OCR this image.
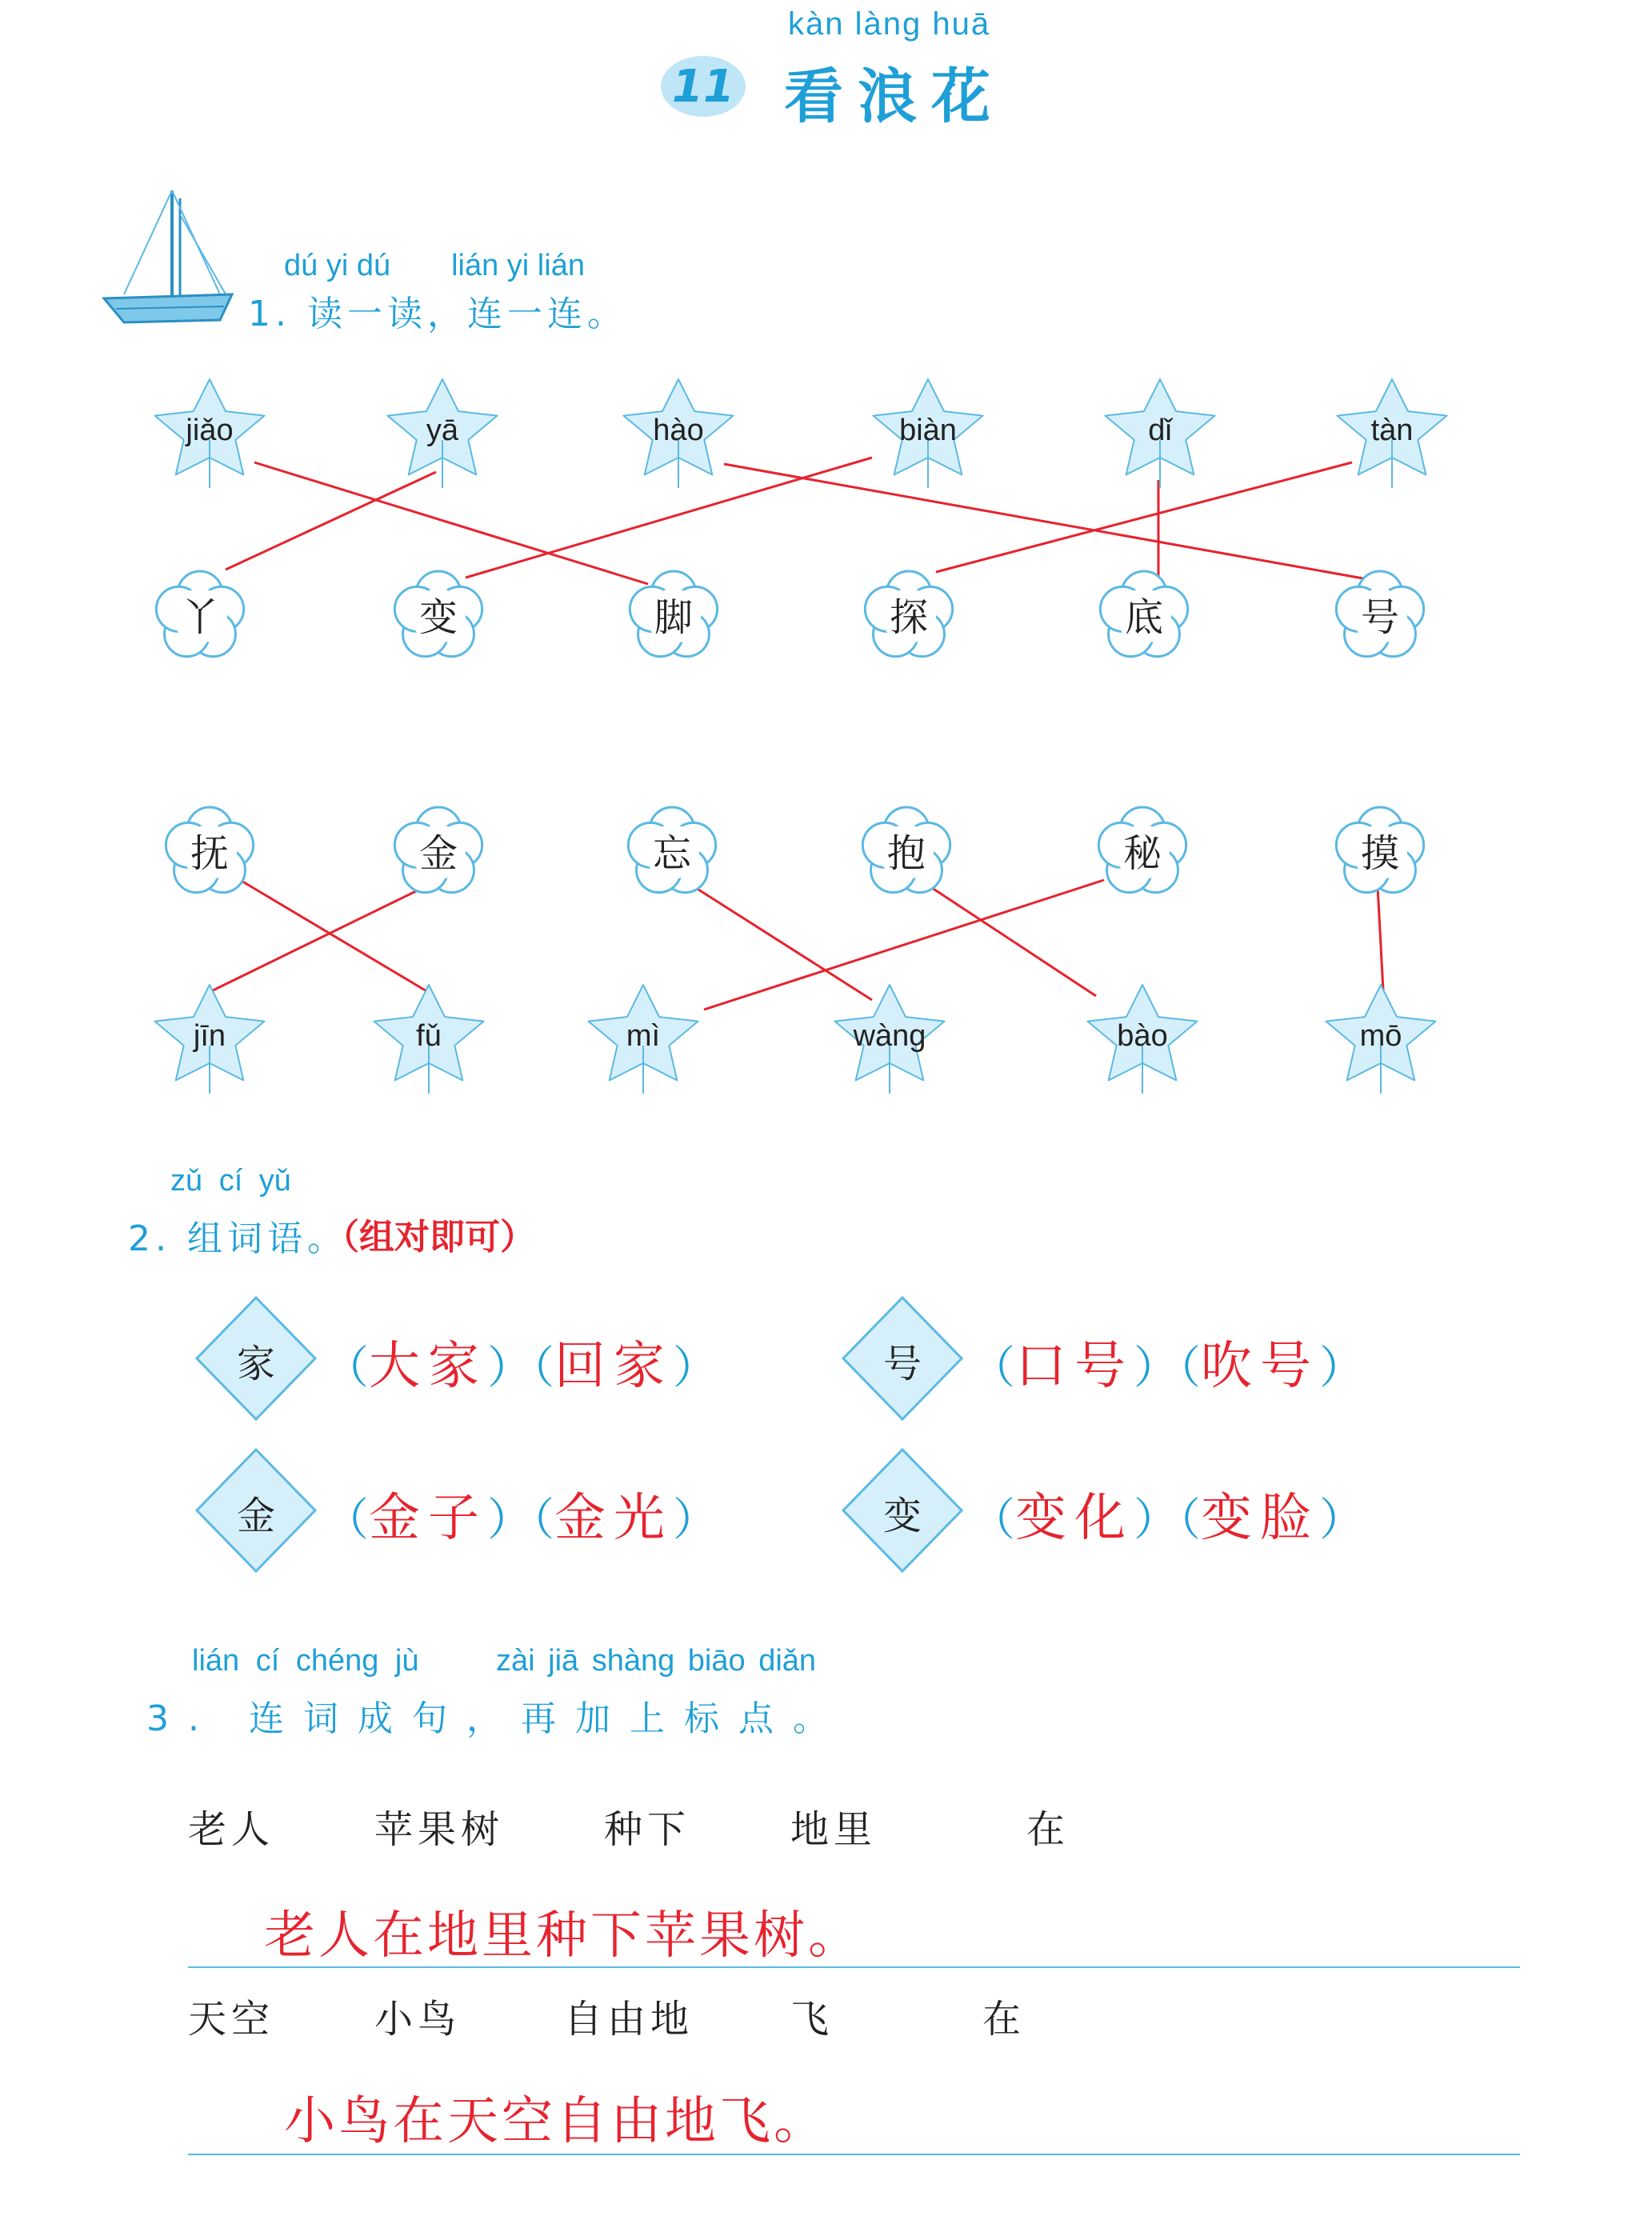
kàn làng huā
11 看浪花
dú yi dú　　lián yi lián
1. 读一读，连一连。
jiǎo	yā	hào	biàn	dǐ	tàn
丫	变	脚	探	底	号
抚	金	忘	抱	秘	摸
jīn	fǔ	mì	wàng	bào	mō
zǔ cí yǔ
2. 组词语。
（组对即可）
家	（大家）（回家）	号	（口号）（吹号）
金	（金子）（金光）	变	（变化）（变脸）
lián cí chéng jù	zài jiā shàng biāo diǎn
3. 连词成句，再加上标点。
老人	苹果树	种下	地里	在
老人在地里种下苹果树。
天空	小鸟	自由地	飞	在
小鸟在天空自由地飞。
